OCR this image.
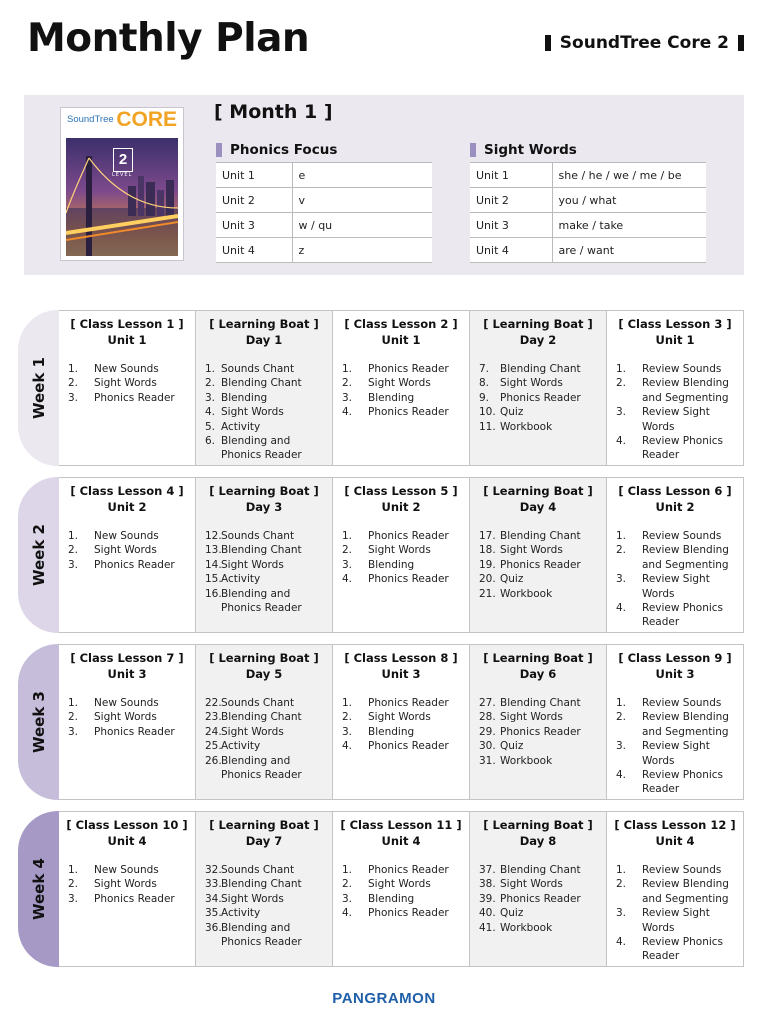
Monthly Plan	SoundTree Core 2
SoundTree CORE
2
LEVEL
[ Month 1 ]
Phonics Focus
Unit 1	e
Unit 2	v
Unit 3	w / qu
Unit 4	z
Sight Words
Unit 1	she / he / we / me / be
Unit 2	you / what
Unit 3	make / take
Unit 4	are / want
Week 1
[ Class Lesson 1 ]
Unit 1
1.	New Sounds
2.	Sight Words
3.	Phonics Reader
[ Learning Boat ]
Day 1
1. Sounds Chant
2. Blending Chant
3. Blending
4. Sight Words
5. Activity
6. Blending and Phonics Reader
[ Class Lesson 2 ]
Unit 1
1.	Phonics Reader
2.	Sight Words
3.	Blending
4.	Phonics Reader
[ Learning Boat ]
Day 2
7.	Blending Chant
8.	Sight Words
9.	Phonics Reader
10. Quiz
11. Workbook
[ Class Lesson 3 ]
Unit 1
1.	Review Sounds
2.	Review Blending and Segmenting
3.	Review Sight Words
4.	Review Phonics Reader
Week 2
[ Class Lesson 4 ]
Unit 2
1.	New Sounds
2.	Sight Words
3.	Phonics Reader
[ Learning Boat ]
Day 3
12. Sounds Chant
13. Blending Chant
14. Sight Words
15. Activity
16. Blending and Phonics Reader
[ Class Lesson 5 ]
Unit 2
1.	Phonics Reader
2.	Sight Words
3.	Blending
4.	Phonics Reader
[ Learning Boat ]
Day 4
17. Blending Chant
18. Sight Words
19. Phonics Reader
20. Quiz
21. Workbook
[ Class Lesson 6 ]
Unit 2
1.	Review Sounds
2.	Review Blending and Segmenting
3.	Review Sight Words
4.	Review Phonics Reader
Week 3
[ Class Lesson 7 ]
Unit 3
1.	New Sounds
2.	Sight Words
3.	Phonics Reader
[ Learning Boat ]
Day 5
22. Sounds Chant
23. Blending Chant
24. Sight Words
25. Activity
26. Blending and Phonics Reader
[ Class Lesson 8 ]
Unit 3
1.	Phonics Reader
2.	Sight Words
3.	Blending
4.	Phonics Reader
[ Learning Boat ]
Day 6
27. Blending Chant
28. Sight Words
29. Phonics Reader
30. Quiz
31. Workbook
[ Class Lesson 9 ]
Unit 3
1.	Review Sounds
2.	Review Blending and Segmenting
3.	Review Sight Words
4.	Review Phonics Reader
Week 4
[ Class Lesson 10 ]
Unit 4
1.	New Sounds
2.	Sight Words
3.	Phonics Reader
[ Learning Boat ]
Day 7
32. Sounds Chant
33. Blending Chant
34. Sight Words
35. Activity
36. Blending and Phonics Reader
[ Class Lesson 11 ]
Unit 4
1.	Phonics Reader
2.	Sight Words
3.	Blending
4.	Phonics Reader
[ Learning Boat ]
Day 8
37. Blending Chant
38. Sight Words
39. Phonics Reader
40. Quiz
41. Workbook
[ Class Lesson 12 ]
Unit 4
1.	Review Sounds
2.	Review Blending and Segmenting
3.	Review Sight Words
4.	Review Phonics Reader
PANGRAMON
